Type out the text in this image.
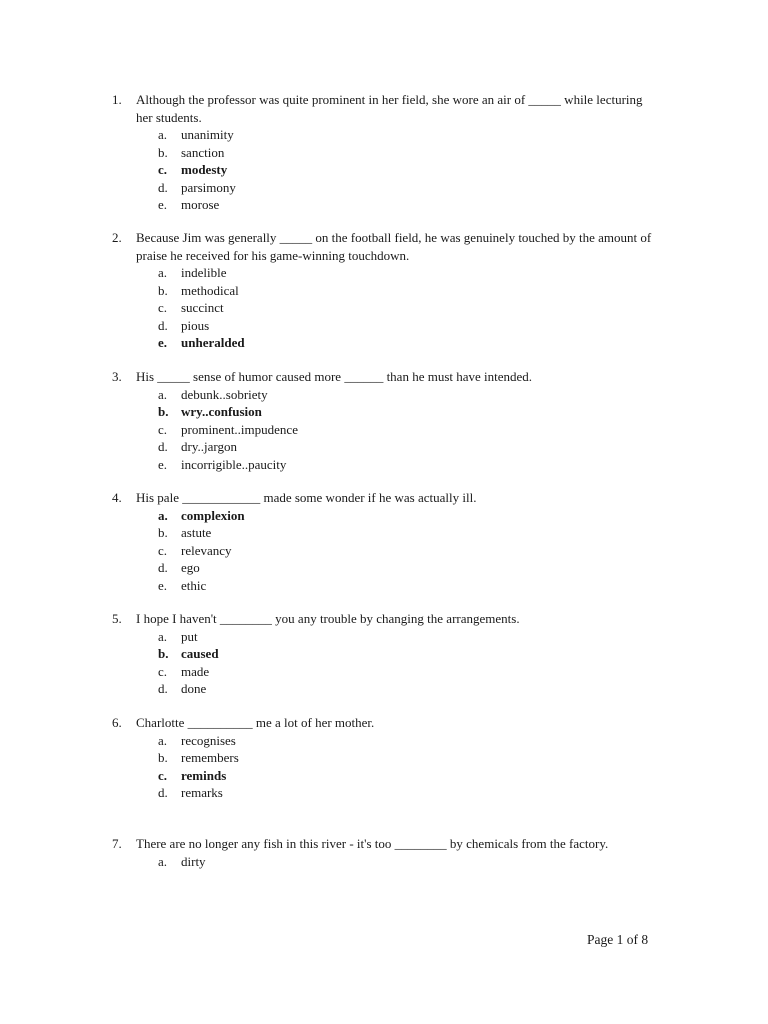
1.	Although the professor was quite prominent in her field, she wore an air of _____ while lecturing her students.
a. unanimity
b. sanction
c. modesty
d. parsimony
e. morose
2.	Because Jim was generally _____ on the football field, he was genuinely touched by the amount of praise he received for his game-winning touchdown.
a. indelible
b. methodical
c. succinct
d. pious
e. unheralded
3.	His _____ sense of humor caused more ______ than he must have intended.
a. debunk..sobriety
b. wry..confusion
c. prominent..impudence
d. dry..jargon
e. incorrigible..paucity
4.	His pale ____________ made some wonder if he was actually ill.
a. complexion
b. astute
c. relevancy
d. ego
e. ethic
5.	I hope I haven't ________ you any trouble by changing the arrangements.
a. put
b. caused
c. made
d. done
6.	Charlotte __________ me a lot of her mother.
a. recognises
b. remembers
c. reminds
d. remarks
7.	There are no longer any fish in this river - it's too ________ by chemicals from the factory.
a. dirty
Page 1 of 8
